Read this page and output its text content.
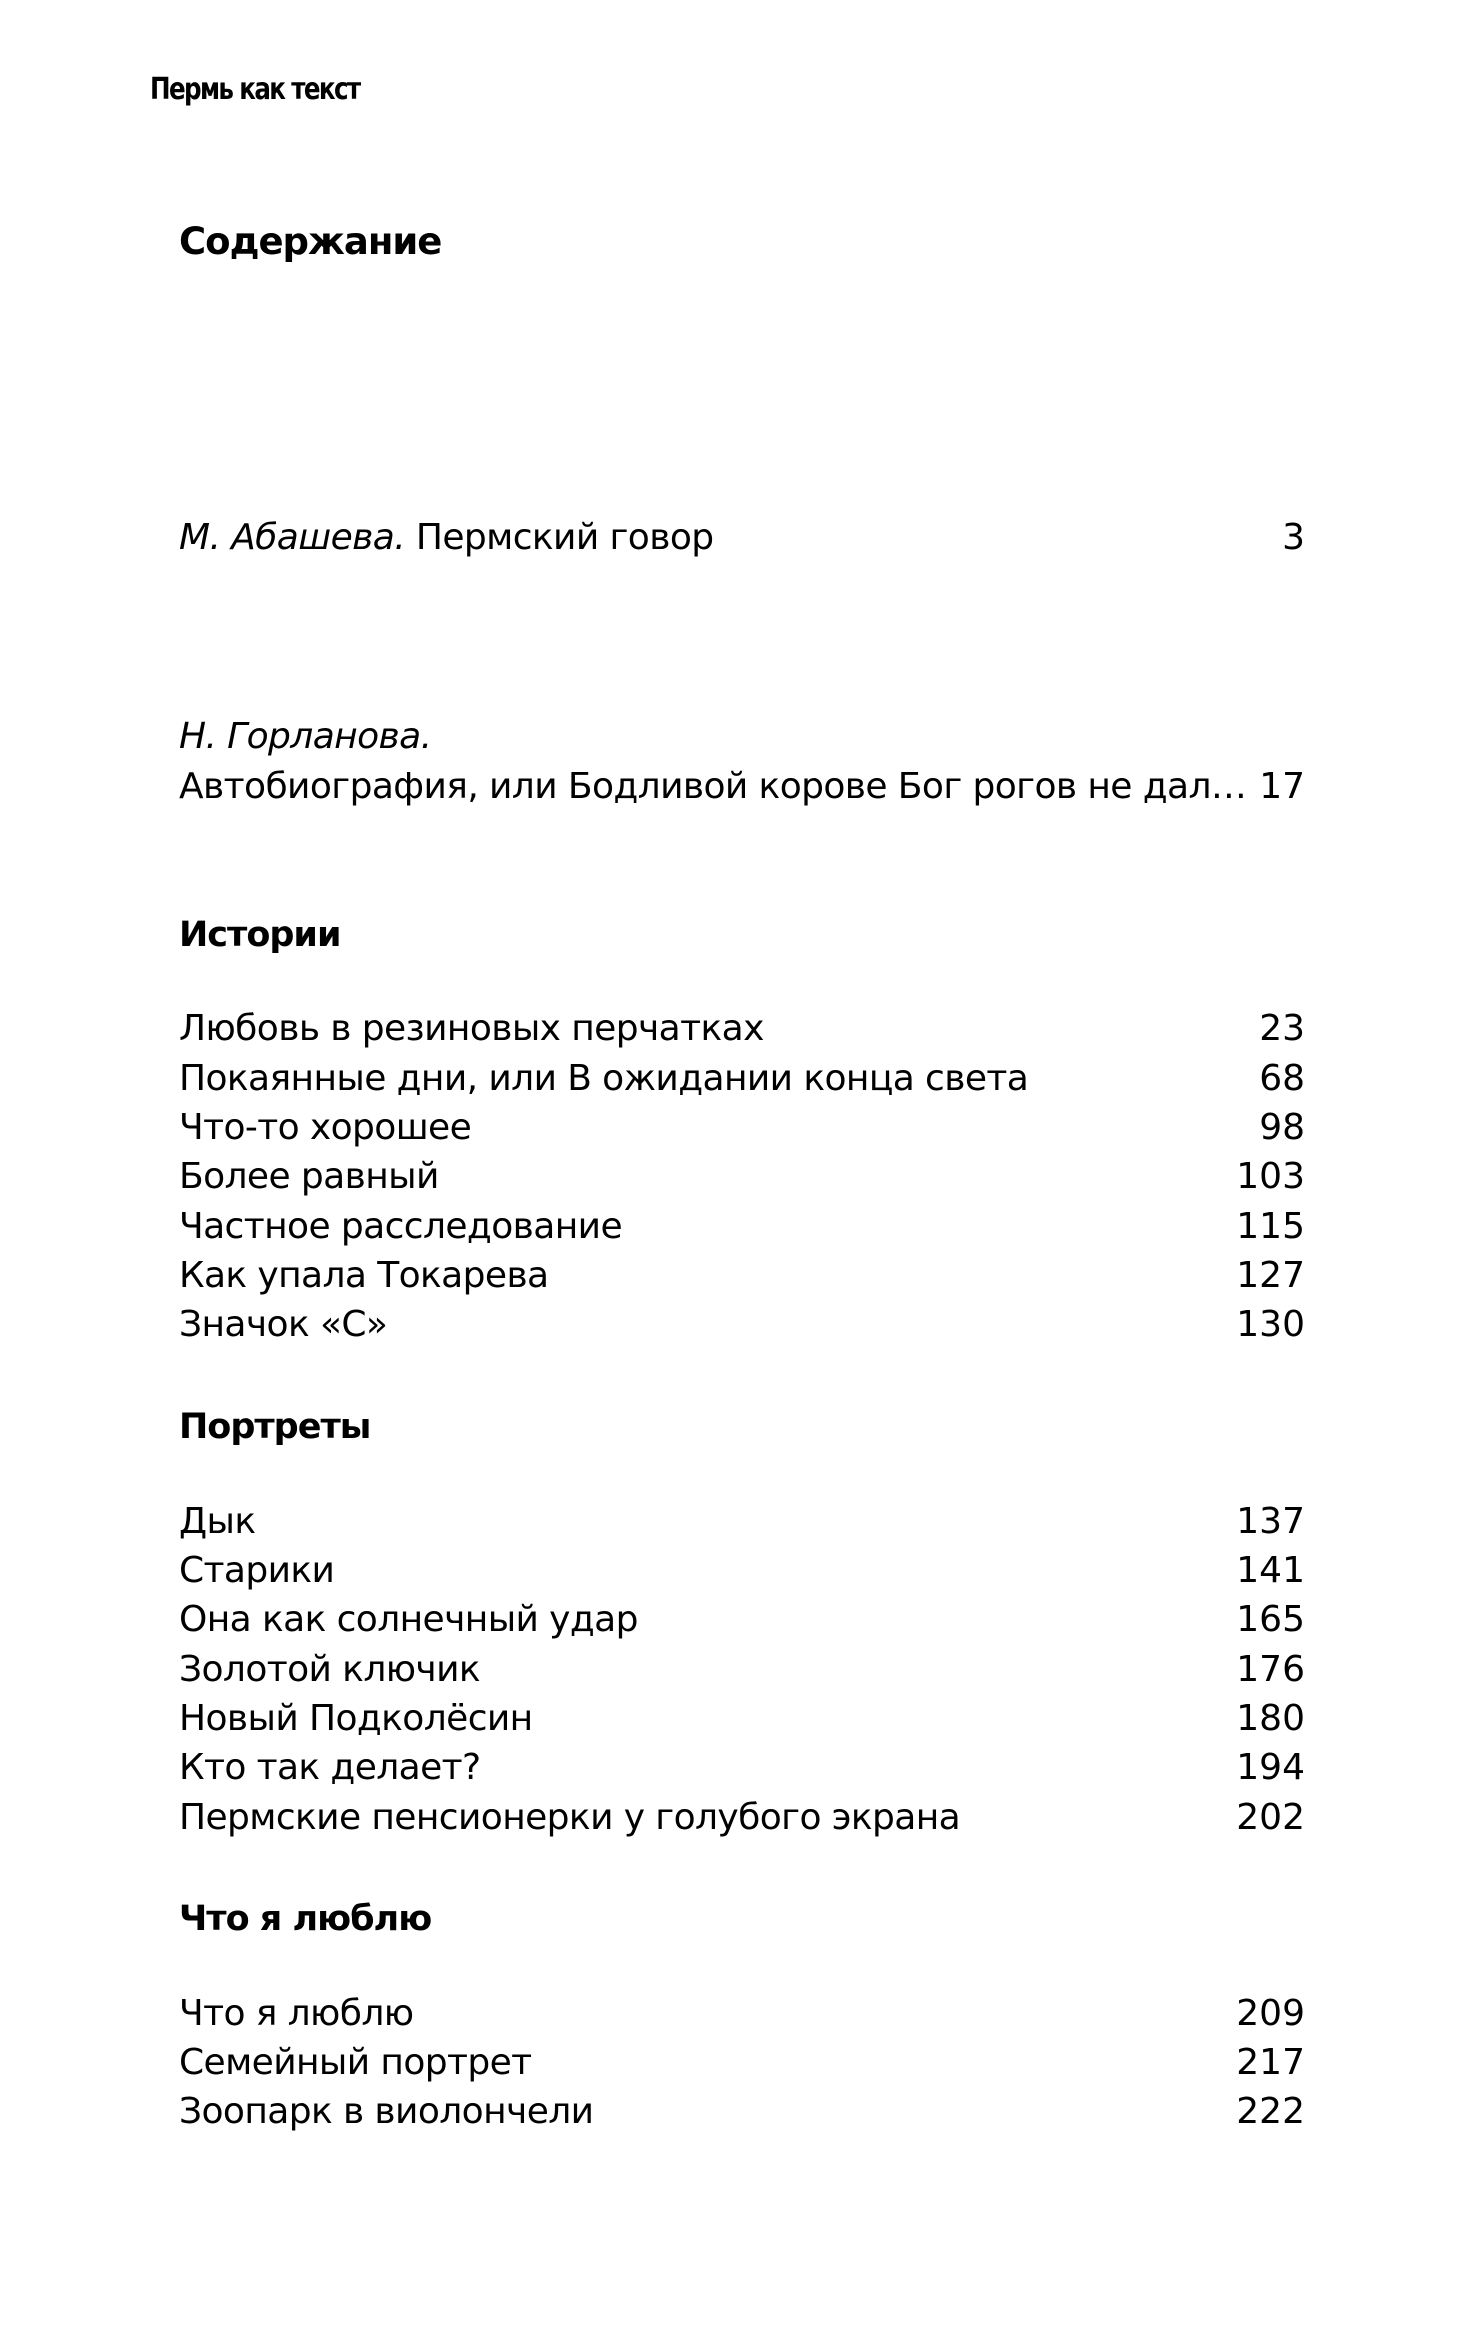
Пермь как текст
Содержание
М. Абашева. Пермский говор	3
Н. Горланова.
Автобиография, или Бодливой корове Бог рогов не дал… 17
Истории
Любовь в резиновых перчатках	23
Покаянные дни, или В ожидании конца света	68
Что-то хорошее	98
Более равный	103
Частное расследование	115
Как упала Токарева	127
Значок «С»	130
Портреты
Дык	137
Старики	141
Она как солнечный удар	165
Золотой ключик	176
Новый Подколёсин	180
Кто так делает?	194
Пермские пенсионерки у голубого экрана	202
Что я люблю
Что я люблю	209
Семейный портрет	217
Зоопарк в виолончели	222
